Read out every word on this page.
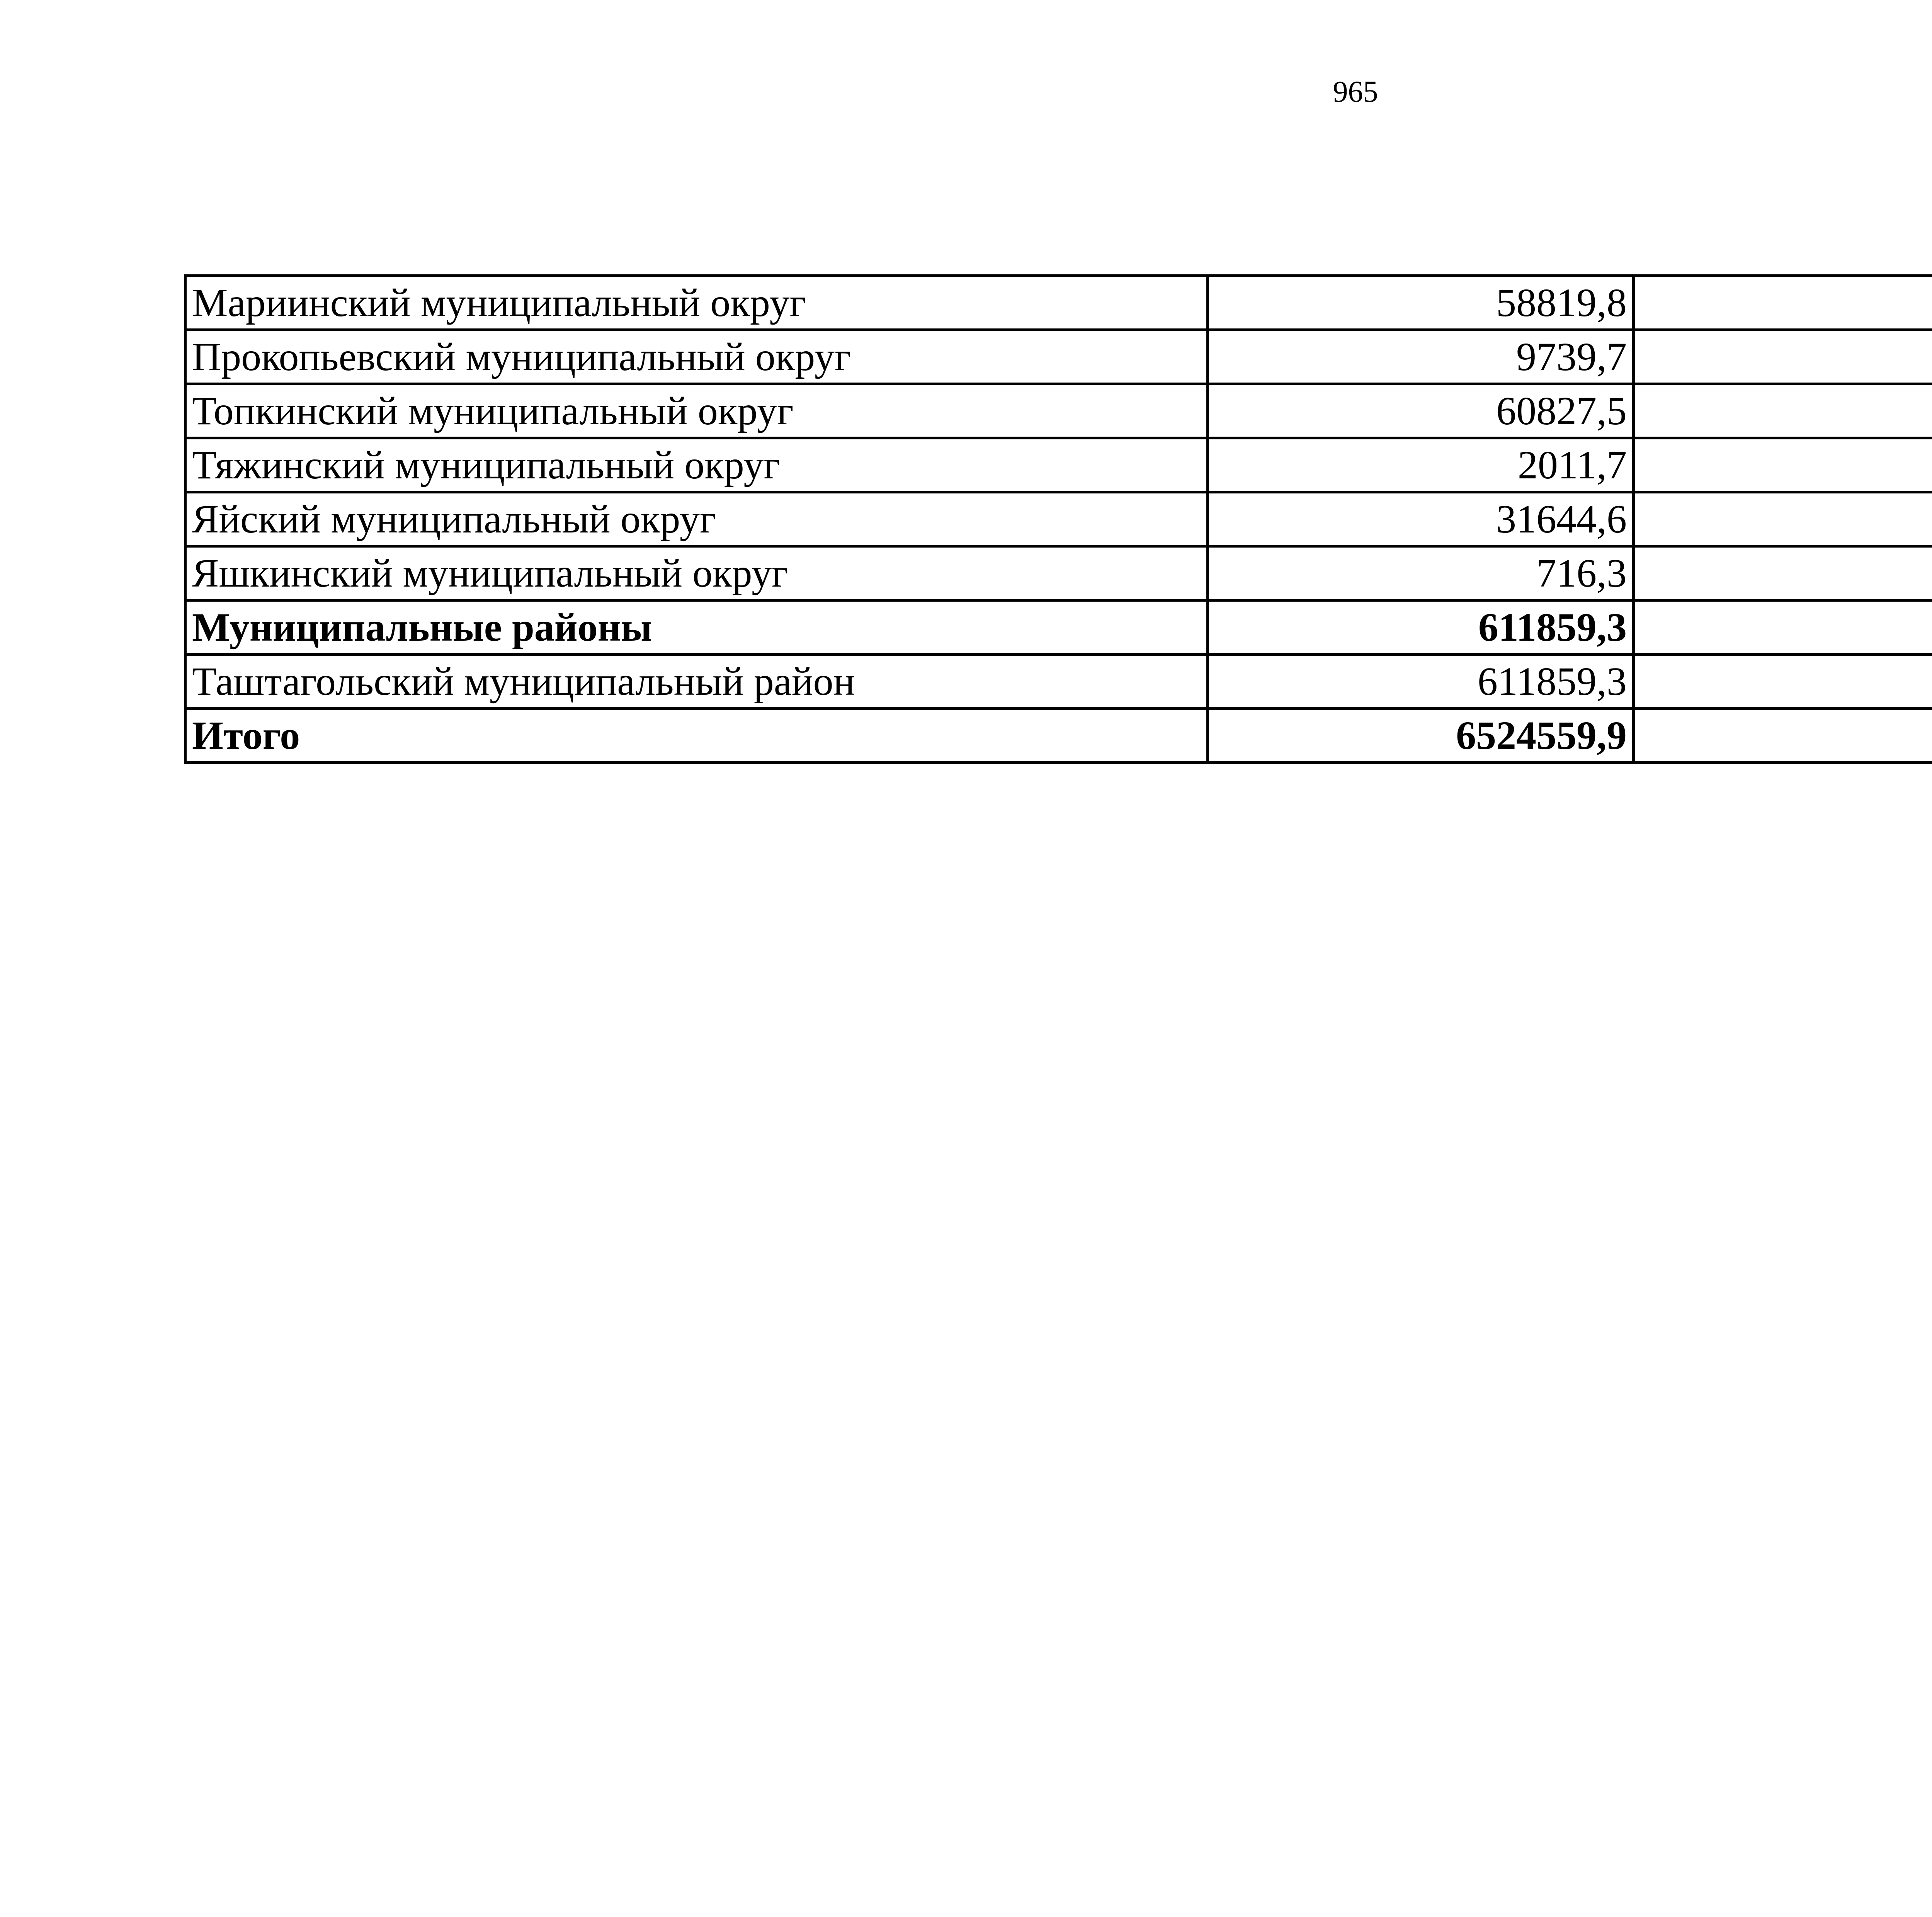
965
Мариинский муниципальный округ	58819,8	
Прокопьевский муниципальный округ	9739,7	
Топкинский муниципальный округ	60827,5	
Тяжинский муниципальный округ	2011,7	
Яйский муниципальный округ	31644,6	
Яшкинский муниципальный округ	716,3	
Муниципальные районы	611859,3	
Таштагольский муниципальный район	611859,3	
Итого	6524559,9	
